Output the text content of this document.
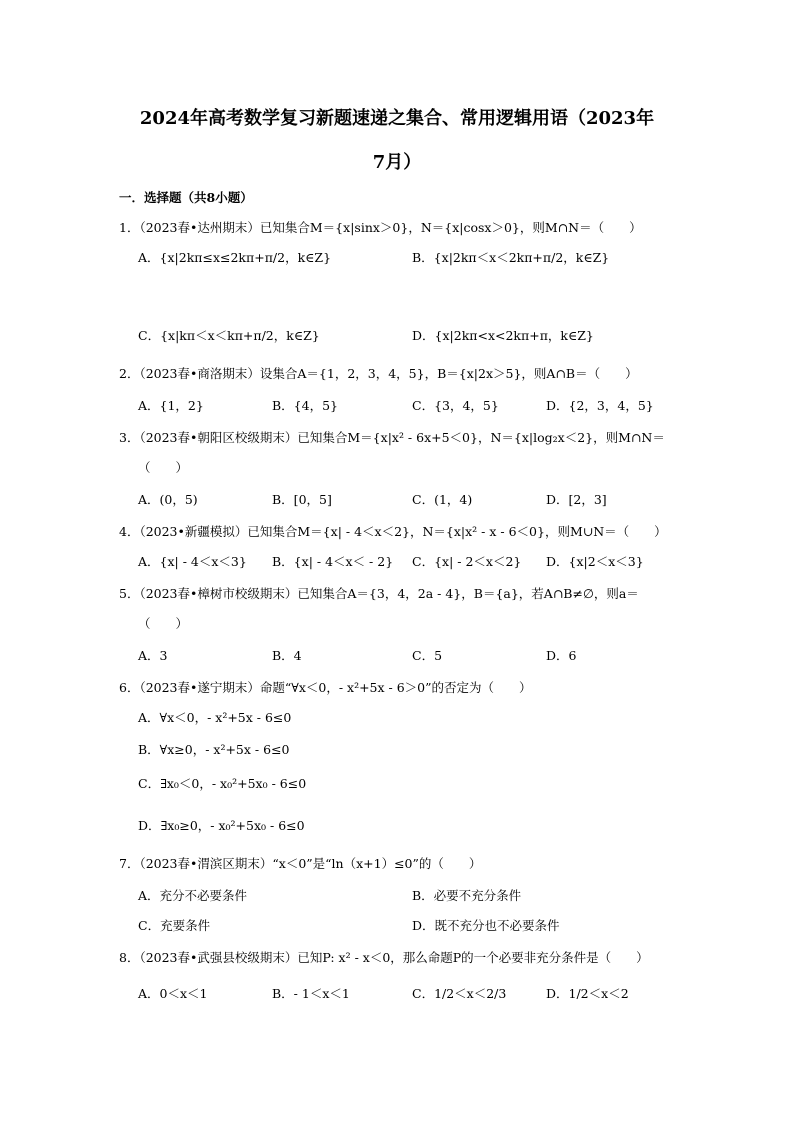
2024年高考数学复习新题速递之集合、常用逻辑用语（2023年
7月）
一．选择题（共8小题）
1．（2023春•达州期末）已知集合M＝{x|sinx＞0}，N＝{x|cosx＞0}，则M∩N＝（　　）
A．{x|2kπ≤x≤2kπ+π/2，k∈Z}	B．{x|2kπ＜x＜2kπ+π/2，k∈Z}
C．{x|kπ＜x＜kπ+π/2，k∈Z}	D．{x|2kπ<x<2kπ+π，k∈Z}
2．（2023春•商洛期末）设集合A＝{1，2，3，4，5}，B＝{x|2x＞5}，则A∩B＝（　　）
A．{1，2}	B．{4，5}	C．{3，4，5}	D．{2，3，4，5}
3．（2023春•朝阳区校级期末）已知集合M＝{x|x² - 6x+5＜0}，N＝{x|log₂x＜2}，则M∩N＝
（　　）
A．(0，5)	B．[0，5]	C．(1，4)	D．[2，3]
4．（2023•新疆模拟）已知集合M＝{x| - 4＜x＜2}，N＝{x|x² - x - 6＜0}，则M∪N＝（　　）
A．{x| - 4＜x＜3} B．{x| - 4＜x＜ - 2} C．{x| - 2＜x＜2} D．{x|2＜x＜3}
5．（2023春•樟树市校级期末）已知集合A＝{3，4，2a - 4}，B＝{a}，若A∩B≠∅，则a＝
（　　）
A．3	B．4	C．5	D．6
6．（2023春•遂宁期末）命题“∀x＜0，- x²+5x - 6＞0”的否定为（　　）
A．∀x＜0，- x²+5x - 6≤0
B．∀x≥0，- x²+5x - 6≤0
C．∃x₀＜0，- x₀²+5x₀ - 6≤0
D．∃x₀≥0，- x₀²+5x₀ - 6≤0
7．（2023春•渭滨区期末）“x＜0”是“ln（x+1）≤0”的（　　）
A．充分不必要条件	B．必要不充分条件
C．充要条件	D．既不充分也不必要条件
8．（2023春•武强县校级期末）已知P: x² - x＜0，那么命题P的一个必要非充分条件是（　　）
A．0＜x＜1	B．- 1＜x＜1	C．1/2＜x＜2/3	D．1/2＜x＜2
